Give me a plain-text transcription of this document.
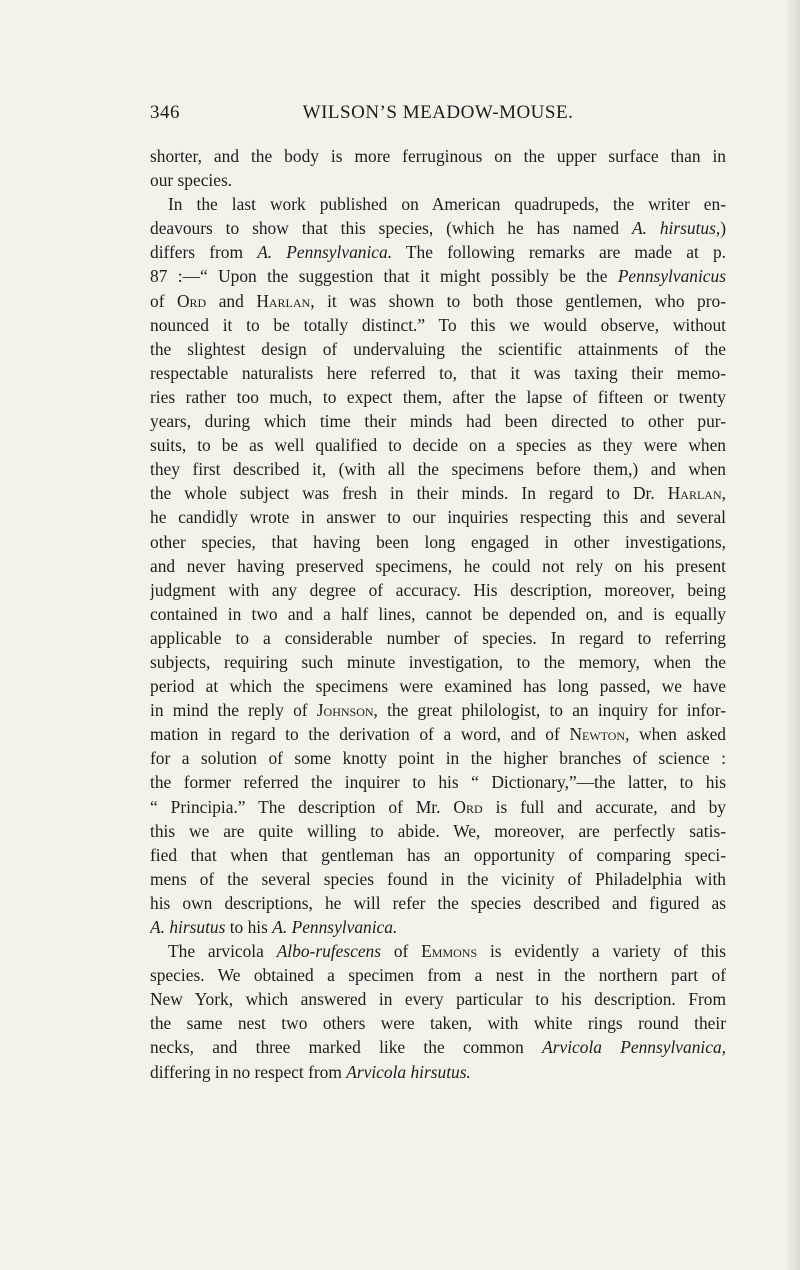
346	WILSON’S MEADOW-MOUSE.
shorter, and the body is more ferruginous on the upper surface than in
our species.
In the last work published on American quadrupeds, the writer en-
deavours to show that this species, (which he has named A. hirsutus,)
differs from A. Pennsylvanica. The following remarks are made at p.
87 :—“ Upon the suggestion that it might possibly be the Pennsylvanicus
of Ord and Harlan, it was shown to both those gentlemen, who pro-
nounced it to be totally distinct.” To this we would observe, without
the slightest design of undervaluing the scientific attainments of the
respectable naturalists here referred to, that it was taxing their memo-
ries rather too much, to expect them, after the lapse of fifteen or twenty
years, during which time their minds had been directed to other pur-
suits, to be as well qualified to decide on a species as they were when
they first described it, (with all the specimens before them,) and when
the whole subject was fresh in their minds. In regard to Dr. Harlan,
he candidly wrote in answer to our inquiries respecting this and several
other species, that having been long engaged in other investigations,
and never having preserved specimens, he could not rely on his present
judgment with any degree of accuracy. His description, moreover, being
contained in two and a half lines, cannot be depended on, and is equally
applicable to a considerable number of species. In regard to referring
subjects, requiring such minute investigation, to the memory, when the
period at which the specimens were examined has long passed, we have
in mind the reply of Johnson, the great philologist, to an inquiry for infor-
mation in regard to the derivation of a word, and of Newton, when asked
for a solution of some knotty point in the higher branches of science :
the former referred the inquirer to his “ Dictionary,”—the latter, to his
“ Principia.” The description of Mr. Ord is full and accurate, and by
this we are quite willing to abide. We, moreover, are perfectly satis-
fied that when that gentleman has an opportunity of comparing speci-
mens of the several species found in the vicinity of Philadelphia with
his own descriptions, he will refer the species described and figured as
A. hirsutus to his A. Pennsylvanica.
The arvicola Albo-rufescens of Emmons is evidently a variety of this
species. We obtained a specimen from a nest in the northern part of
New York, which answered in every particular to his description. From
the same nest two others were taken, with white rings round their
necks, and three marked like the common Arvicola Pennsylvanica,
differing in no respect from Arvicola hirsutus.
